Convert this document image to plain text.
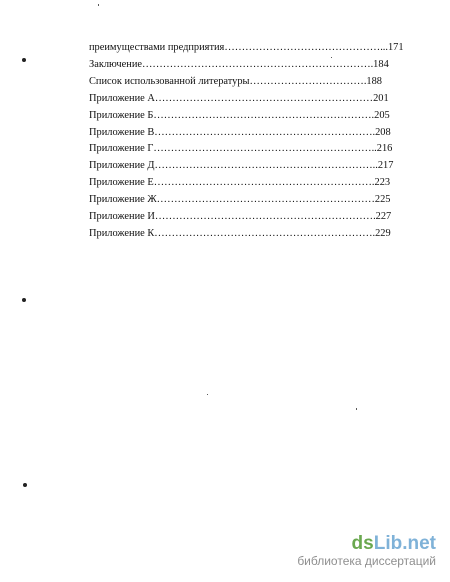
преимуществами предприятия………………………………………...171
Заключение………………………………………………………….184
Список использованной литературы…………………………….188
Приложение А………………………………………………………201
Приложение Б……………………………………………………….205
Приложение В……………………………………………………….208
Приложение Г………………………………………………………..216
Приложение Д………………………………………………………..217
Приложение Е……………………………………………………….223
Приложение Ж………………………………………………………225
Приложение И……………………………………………………….227
Приложение К……………………………………………………….229
dsLib.net
библиотека диссертаций
